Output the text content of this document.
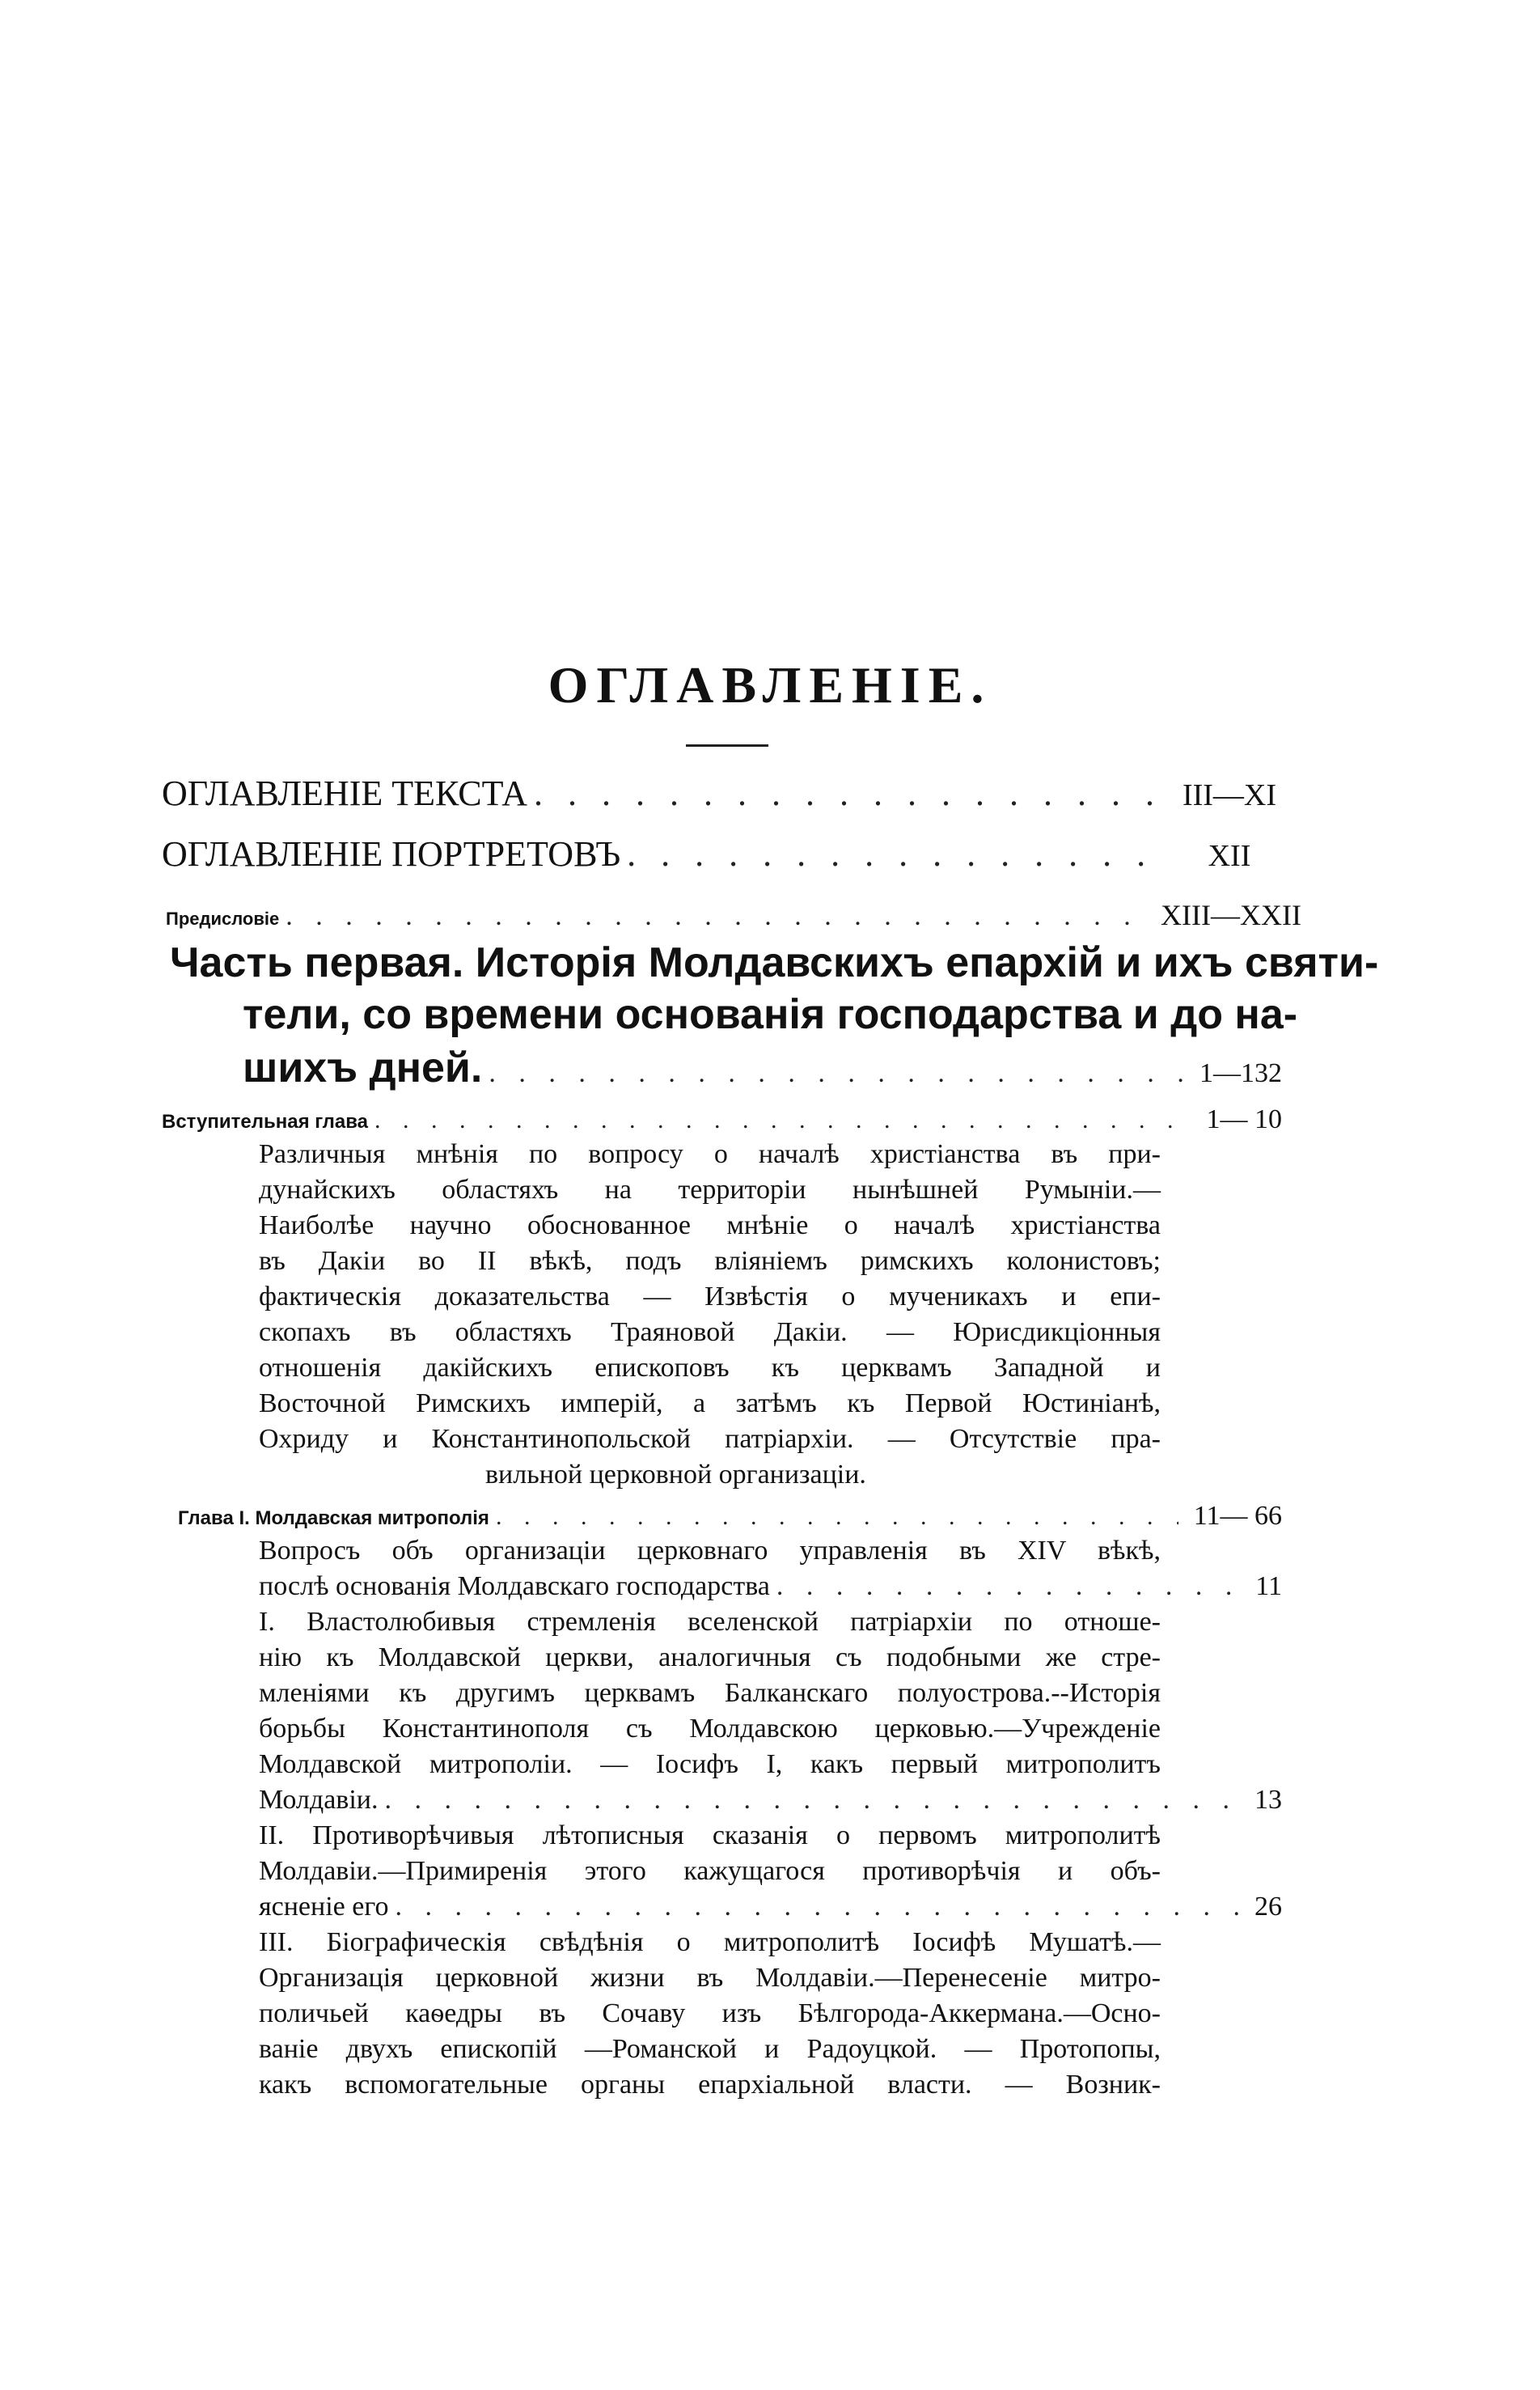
ОГЛАВЛЕНІЕ.
ОГЛАВЛЕНІЕ ТЕКСТА . . .	III—XI
ОГЛАВЛЕНІЕ ПОРТРЕТОВЪ . . .	XII
Предисловіе . . .	XIII—XXII
Часть первая. Исторія Молдавскихъ епархій и ихъ святи-
тели, со времени основанія господарства и до на-
шихъ дней. . . .	1—132
Вступительная глава . . .	1— 10
Различныя мнѣнія по вопросу о началѣ христіанства въ при-
дунайскихъ областяхъ на территоріи нынѣшней Румыніи.—
Наиболѣе научно обоснованное мнѣніе о началѣ христіанства
въ Дакіи во II вѣкѣ, подъ вліяніемъ римскихъ колонистовъ;
фактическія доказательства — Извѣстія о мученикахъ и епи-
скопахъ въ областяхъ Траяновой Дакіи. — Юрисдикціонныя
отношенія дакійскихъ епископовъ къ церквамъ Западной и
Восточной Римскихъ имперій, а затѣмъ къ Первой Юстиніанѣ,
Охриду и Константинопольской патріархіи. — Отсутствіе пра-
вильной церковной организаціи.
Глава I. Молдавская митрополія . . .	11— 66
Вопросъ объ организаціи церковнаго управленія въ XIV вѣкѣ,
послѣ основанія Молдавскаго господарства . . .	11
I. Властолюбивыя стремленія вселенской патріархіи по отноше-
нію къ Молдавской церкви, аналогичныя съ подобными же стре-
мленіями къ другимъ церквамъ Балканскаго полуострова.--Исторія
борьбы Константинополя съ Молдавскою церковью.—Учрежденіе
Молдавской митрополіи. — Іосифъ I, какъ первый митрополитъ
Молдавіи. . . .	13
II. Противорѣчивыя лѣтописныя сказанія о первомъ митрополитѣ
Молдавіи.—Примиренія этого кажущагося противорѣчія и объ-
ясненіе его . . .	26
III. Біографическія свѣдѣнія о митрополитѣ Іосифѣ Мушатѣ.—
Организація церковной жизни въ Молдавіи.—Перенесеніе митро-
поличьей каѳедры въ Сочаву изъ Бѣлгорода-Аккермана.—Осно-
ваніе двухъ епископій —Романской и Радоуцкой. — Протопопы,
какъ вспомогательные органы епархіальной власти. — Возник-
